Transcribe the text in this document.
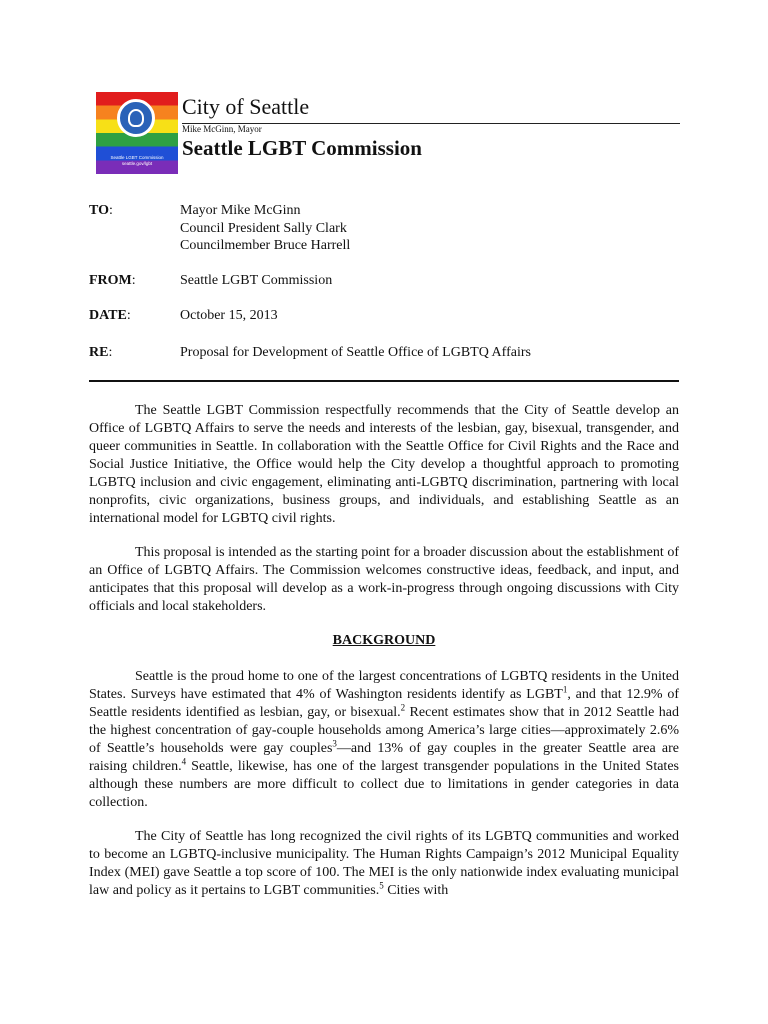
Seattle LGBT Commission
seattle.gov/lgbt
City of Seattle
Mike McGinn, Mayor
Seattle LGBT Commission
TO:	Mayor Mike McGinn
Council President Sally Clark
Councilmember Bruce Harrell
FROM:	Seattle LGBT Commission
DATE:	October 15, 2013
RE:	Proposal for Development of Seattle Office of LGBTQ Affairs

The Seattle LGBT Commission respectfully recommends that the City of Seattle develop an Office of LGBTQ Affairs to serve the needs and interests of the lesbian, gay, bisexual, transgender, and queer communities in Seattle. In collaboration with the Seattle Office for Civil Rights and the Race and Social Justice Initiative, the Office would help the City develop a thoughtful approach to promoting LGBTQ inclusion and civic engagement, eliminating anti-LGBTQ discrimination, partnering with local nonprofits, civic organizations, business groups, and individuals, and establishing Seattle as an international model for LGBTQ civil rights.

This proposal is intended as the starting point for a broader discussion about the establishment of an Office of LGBTQ Affairs. The Commission welcomes constructive ideas, feedback, and input, and anticipates that this proposal will develop as a work-in-progress through ongoing discussions with City officials and local stakeholders.

BACKGROUND

Seattle is the proud home to one of the largest concentrations of LGBTQ residents in the United States. Surveys have estimated that 4% of Washington residents identify as LGBT$^1$, and that 12.9% of Seattle residents identified as lesbian, gay, or bisexual.$^2$ Recent estimates show that in 2012 Seattle had the highest concentration of gay-couple households among America’s large cities—approximately 2.6% of Seattle’s households were gay couples$^3$—and 13% of gay couples in the greater Seattle area are raising children.$^4$ Seattle, likewise, has one of the largest transgender populations in the United States although these numbers are more difficult to collect due to limitations in gender categories in data collection.

The City of Seattle has long recognized the civil rights of its LGBTQ communities and worked to become an LGBTQ-inclusive municipality. The Human Rights Campaign’s 2012 Municipal Equality Index (MEI) gave Seattle a top score of 100. The MEI is the only nationwide index evaluating municipal law and policy as it pertains to LGBT communities.$^5$ Cities with
